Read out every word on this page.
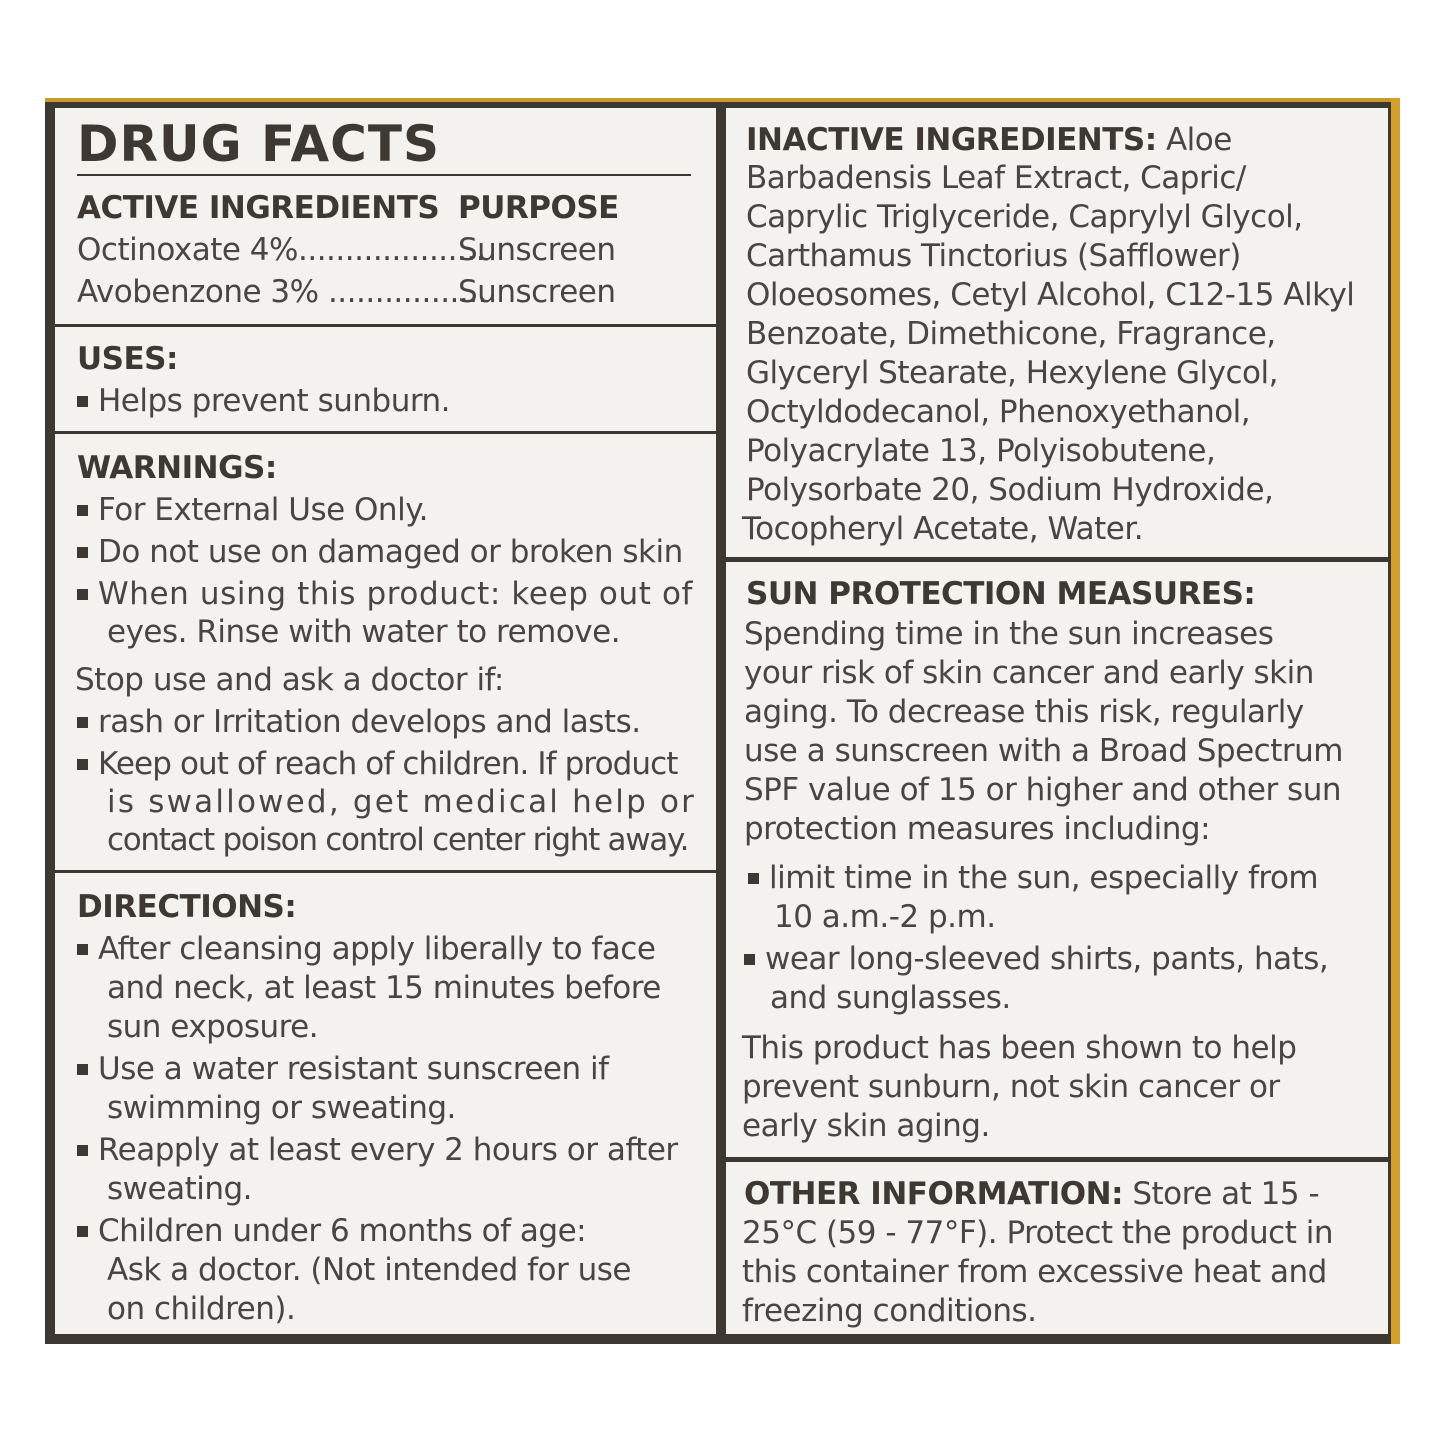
DRUG FACTS
ACTIVE INGREDIENTS PURPOSE
Octinoxate 4%....................
Sunscreen
Avobenzone 3% .................
Sunscreen
USES:
Helps prevent sunburn.
WARNINGS:
For External Use Only.
Do not use on damaged or broken skin
When using this product: keep out of
eyes. Rinse with water to remove.
Stop use and ask a doctor if:
rash or Irritation develops and lasts.
Keep out of reach of children. If product
is swallowed, get medical help or
contact poison control center right away.
DIRECTIONS:
After cleansing apply liberally to face
and neck, at least 15 minutes before
sun exposure.
Use a water resistant sunscreen if
swimming or sweating.
Reapply at least every 2 hours or after
sweating.
Children under 6 months of age:
Ask a doctor. (Not intended for use
on children).
INACTIVE INGREDIENTS: Aloe
Barbadensis Leaf Extract, Capric/
Caprylic Triglyceride, Caprylyl Glycol,
Carthamus Tinctorius (Safflower)
Oloeosomes, Cetyl Alcohol, C12-15 Alkyl
Benzoate, Dimethicone, Fragrance,
Glyceryl Stearate, Hexylene Glycol,
Octyldodecanol, Phenoxyethanol,
Polyacrylate 13, Polyisobutene,
Polysorbate 20, Sodium Hydroxide,
Tocopheryl Acetate, Water.
SUN PROTECTION MEASURES:
Spending time in the sun increases
your risk of skin cancer and early skin
aging. To decrease this risk, regularly
use a sunscreen with a Broad Spectrum
SPF value of 15 or higher and other sun
protection measures including:
limit time in the sun, especially from
10 a.m.-2 p.m.
wear long-sleeved shirts, pants, hats,
and sunglasses.
This product has been shown to help
prevent sunburn, not skin cancer or
early skin aging.
OTHER INFORMATION: Store at 15 -
25°C (59 - 77°F). Protect the product in
this container from excessive heat and
freezing conditions.
